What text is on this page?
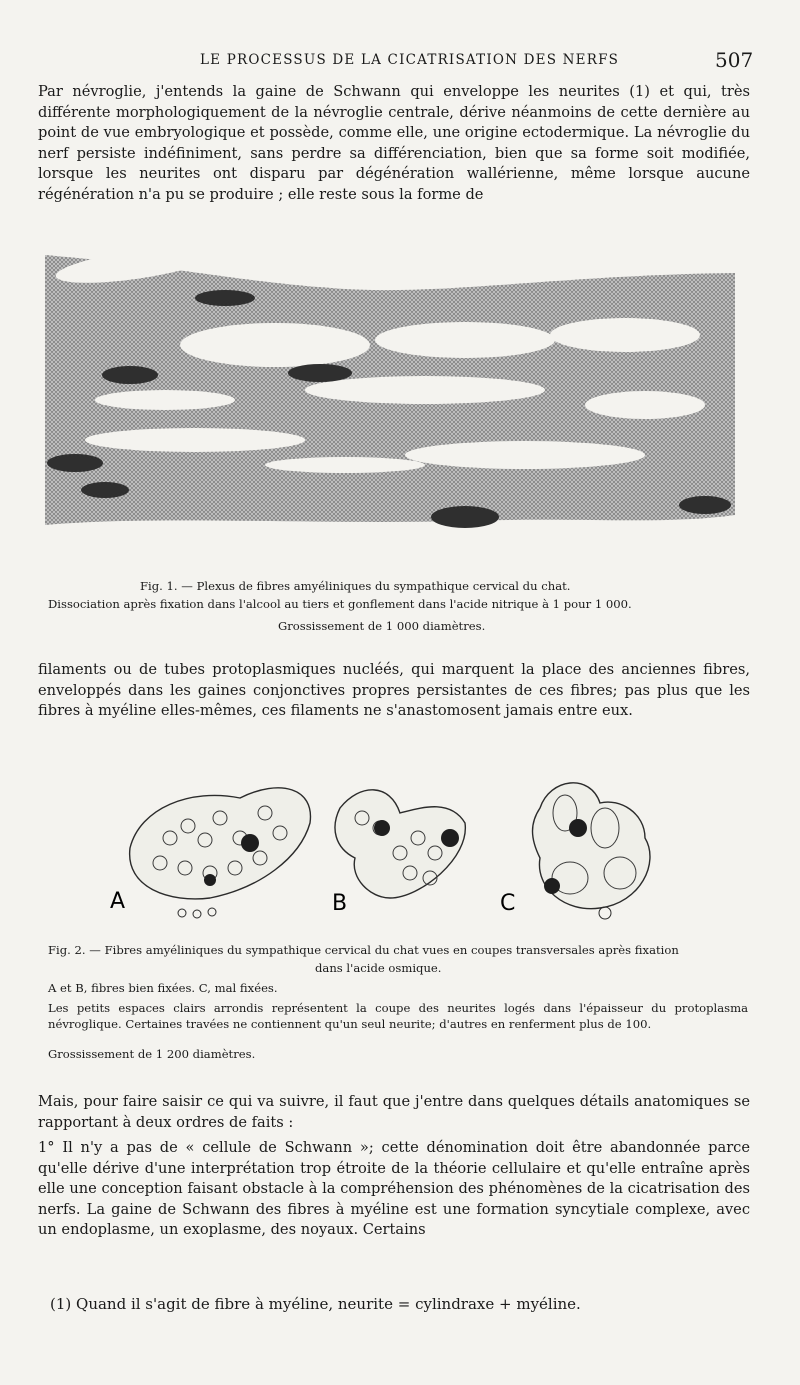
LE PROCESSUS DE LA CICATRISATION DES NERFS	507

Par névroglie, j'entends la gaine de Schwann qui enveloppe les neurites (1) et qui, très différente morphologiquement de la névroglie centrale, dérive néanmoins de cette dernière au point de vue embryologique et possède, comme elle, une origine ectodermique. La névroglie du nerf persiste indéfiniment, sans perdre sa différenciation, bien que sa forme soit modifiée, lorsque les neurites ont disparu par dégénération wallérienne, même lorsque aucune régénération n'a pu se produire ; elle reste sous la forme de

Fig. 1. — Plexus de fibres amyéliniques du sympathique cervical du chat.

Dissociation après fixation dans l'alcool au tiers et gonflement dans l'acide nitrique à 1 pour 1 000.

Grossissement de 1 000 diamètres.

filaments ou de tubes protoplasmiques nucléés, qui marquent la place des anciennes fibres, enveloppés dans les gaines conjonctives propres persistantes de ces fibres; pas plus que les fibres à myéline elles-mêmes, ces filaments ne s'anastomosent jamais entre eux.

A	B	C

Fig. 2. — Fibres amyéliniques du sympathique cervical du chat vues en coupes transversales après fixation

dans l'acide osmique.

A et B, fibres bien fixées. C, mal fixées.

Les petits espaces clairs arrondis représentent la coupe des neurites logés dans l'épaisseur du protoplasma névroglique. Certaines travées ne contiennent qu'un seul neurite; d'autres en renferment plus de 100.

Grossissement de 1 200 diamètres.

Mais, pour faire saisir ce qui va suivre, il faut que j'entre dans quelques détails anatomiques se rapportant à deux ordres de faits :

1° Il n'y a pas de « cellule de Schwann »; cette dénomination doit être abandonnée parce qu'elle dérive d'une interprétation trop étroite de la théorie cellulaire et qu'elle entraîne après elle une conception faisant obstacle à la compréhension des phénomènes de la cicatrisation des nerfs. La gaine de Schwann des fibres à myéline est une formation syncytiale complexe, avec un endoplasme, un exoplasme, des noyaux. Certains

(1) Quand il s'agit de fibre à myéline, neurite = cylindraxe + myéline.
